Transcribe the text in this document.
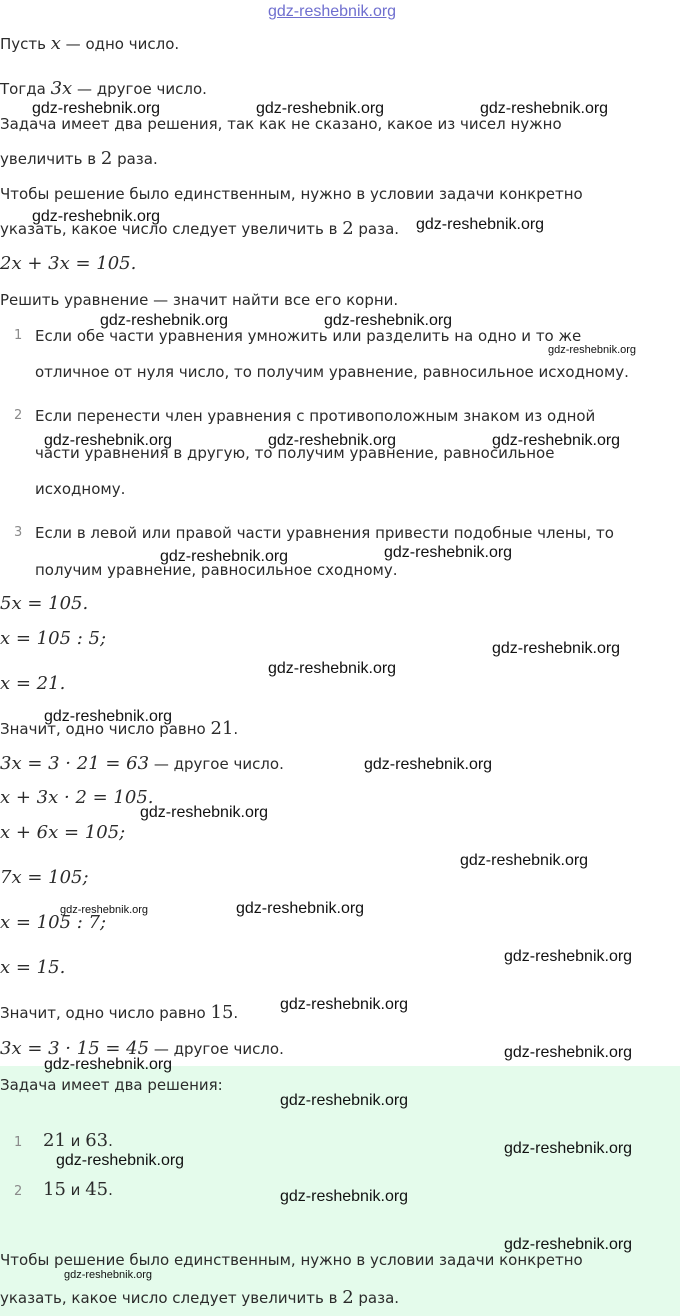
Пусть x — одно число.
Тогда 3x — другое число.
Задача имеет два решения, так как не сказано, какое из чисел нужно
увеличить в 2 раза.
Чтобы решение было единственным, нужно в условии задачи конкретно
указать, какое число следует увеличить в 2 раза.
2x + 3x = 105.
Решить уравнение — значит найти все его корни.
1 Если обе части уравнения умножить или разделить на одно и то же
отличное от нуля число, то получим уравнение, равносильное исходному.
2 Если перенести член уравнения с противоположным знаком из одной
части уравнения в другую, то получим уравнение, равносильное
исходному.
3 Если в левой или правой части уравнения привести подобные члены, то
получим уравнение, равносильное сходному.
5x = 105.
x = 105 : 5;
x = 21.
Значит, одно число равно 21.
3x = 3 · 21 = 63 — другое число.
x + 3x · 2 = 105.
x + 6x = 105;
7x = 105;
x = 105 : 7;
x = 15.
Значит, одно число равно 15.
3x = 3 · 15 = 45 — другое число.
Задача имеет два решения:
1 21 и 63.
2 15 и 45.
Чтобы решение было единственным, нужно в условии задачи конкретно
указать, какое число следует увеличить в 2 раза.
gdz-reshebnik.org
gdz-reshebnik.org	gdz-reshebnik.org	gdz-reshebnik.org
gdz-reshebnik.org	gdz-reshebnik.org
gdz-reshebnik.org	gdz-reshebnik.org
gdz-reshebnik.org
gdz-reshebnik.org	gdz-reshebnik.org	gdz-reshebnik.org
gdz-reshebnik.org	gdz-reshebnik.org
gdz-reshebnik.org
gdz-reshebnik.org
gdz-reshebnik.org
gdz-reshebnik.org
gdz-reshebnik.org
gdz-reshebnik.org
gdz-reshebnik.org	gdz-reshebnik.org
gdz-reshebnik.org
gdz-reshebnik.org
gdz-reshebnik.org
gdz-reshebnik.org
gdz-reshebnik.org
gdz-reshebnik.org
gdz-reshebnik.org
gdz-reshebnik.org
gdz-reshebnik.org
gdz-reshebnik.org
